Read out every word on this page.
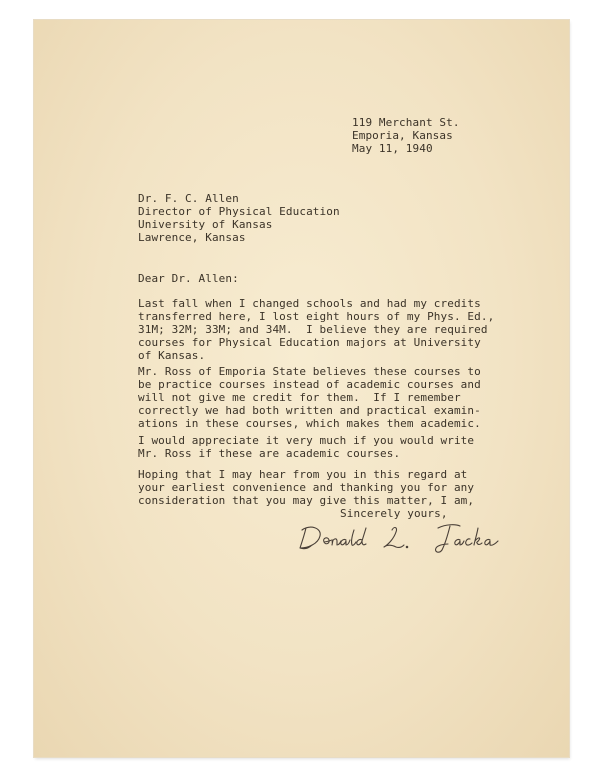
119 Merchant St.
Emporia, Kansas
May 11, 1940
Dr. F. C. Allen
Director of Physical Education
University of Kansas
Lawrence, Kansas
Dear Dr. Allen:
Last fall when I changed schools and had my credits
transferred here, I lost eight hours of my Phys. Ed.,
31M; 32M; 33M; and 34M.  I believe they are required
courses for Physical Education majors at University
of Kansas.
Mr. Ross of Emporia State believes these courses to
be practice courses instead of academic courses and
will not give me credit for them.  If I remember
correctly we had both written and practical examin-
ations in these courses, which makes them academic.
I would appreciate it very much if you would write
Mr. Ross if these are academic courses.
Hoping that I may hear from you in this regard at
your earliest convenience and thanking you for any
consideration that you may give this matter, I am,
Sincerely yours,
